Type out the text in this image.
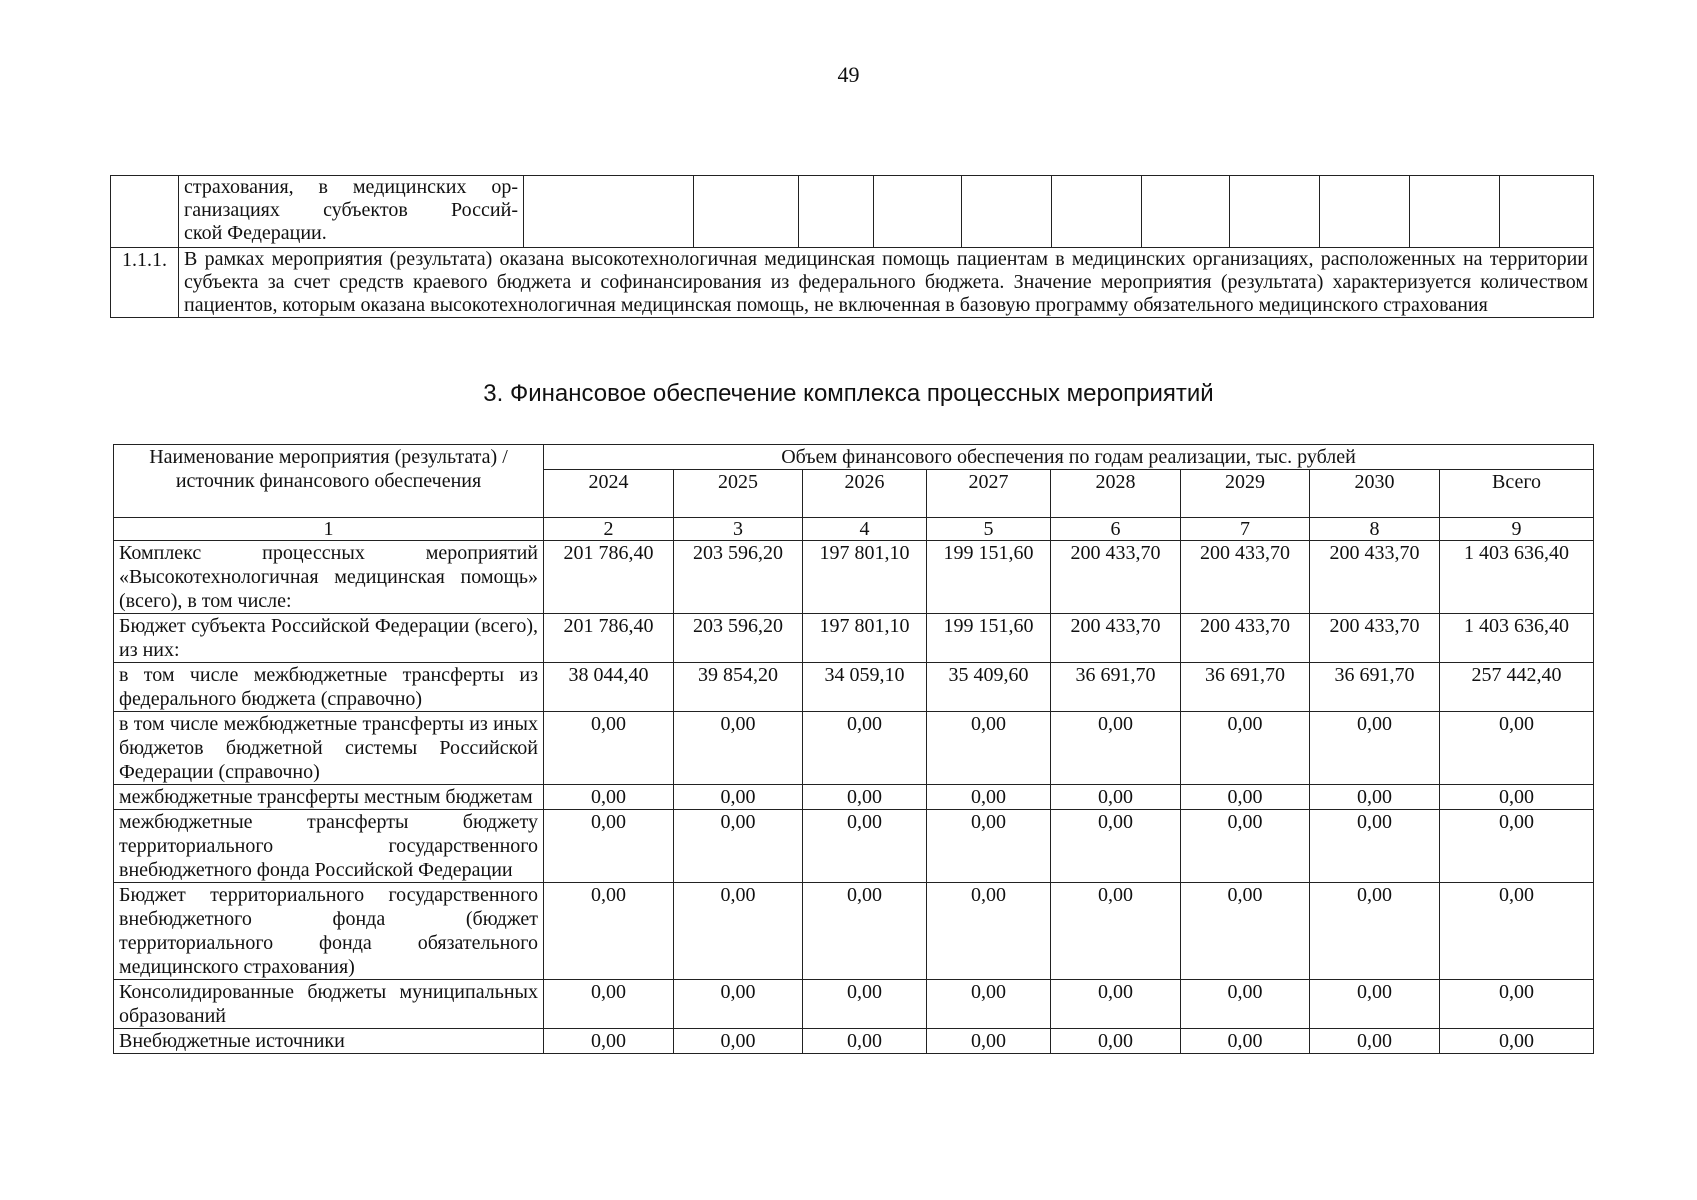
49

	страхования, в медицинских ор-
ганизациях субъектов Россий-
ской Федерации.											

1.1.1.	В рамках мероприятия (результата) оказана высокотехнологичная медицинская помощь пациентам в медицинских организациях, расположенных на территории субъекта за счет средств краевого бюджета и софинансирования из федерального бюджета. Значение мероприятия (результата) характеризуется количеством пациентов, которым оказана высокотехнологичная медицинская помощь, не включенная в базовую программу обязательного медицинского страхования											
3. Финансовое обеспечение комплекса процессных мероприятий
Наименование мероприятия (результата) / источник финансового обеспечения	Объем финансового обеспечения по годам реализации, тыс. рублей							
	2024	2025	2026	2027	2028	2029	2030	Всего
1	2	3	4	5	6	7	8	9
Комплекс процессных мероприятий «Высокотехнологичная медицинская помощь» (всего), в том числе:	201 786,40	203 596,20	197 801,10	199 151,60	200 433,70	200 433,70	200 433,70	1 403 636,40
Бюджет субъекта Российской Федерации (всего), из них:	201 786,40	203 596,20	197 801,10	199 151,60	200 433,70	200 433,70	200 433,70	1 403 636,40
в том числе межбюджетные трансферты из федерального бюджета (справочно)	38 044,40	39 854,20	34 059,10	35 409,60	36 691,70	36 691,70	36 691,70	257 442,40
в том числе межбюджетные трансферты из иных бюджетов бюджетной системы Российской Федерации (справочно)	0,00	0,00	0,00	0,00	0,00	0,00	0,00	0,00
межбюджетные трансферты местным бюджетам	0,00	0,00	0,00	0,00	0,00	0,00	0,00	0,00
межбюджетные трансферты бюджету территориального государственного внебюджетного фонда Российской Федерации	0,00	0,00	0,00	0,00	0,00	0,00	0,00	0,00
Бюджет территориального государственного внебюджетного фонда (бюджет территориального фонда обязательного медицинского страхования)	0,00	0,00	0,00	0,00	0,00	0,00	0,00	0,00
Консолидированные бюджеты муниципальных образований	0,00	0,00	0,00	0,00	0,00	0,00	0,00	0,00
Внебюджетные источники	0,00	0,00	0,00	0,00	0,00	0,00	0,00	0,00
